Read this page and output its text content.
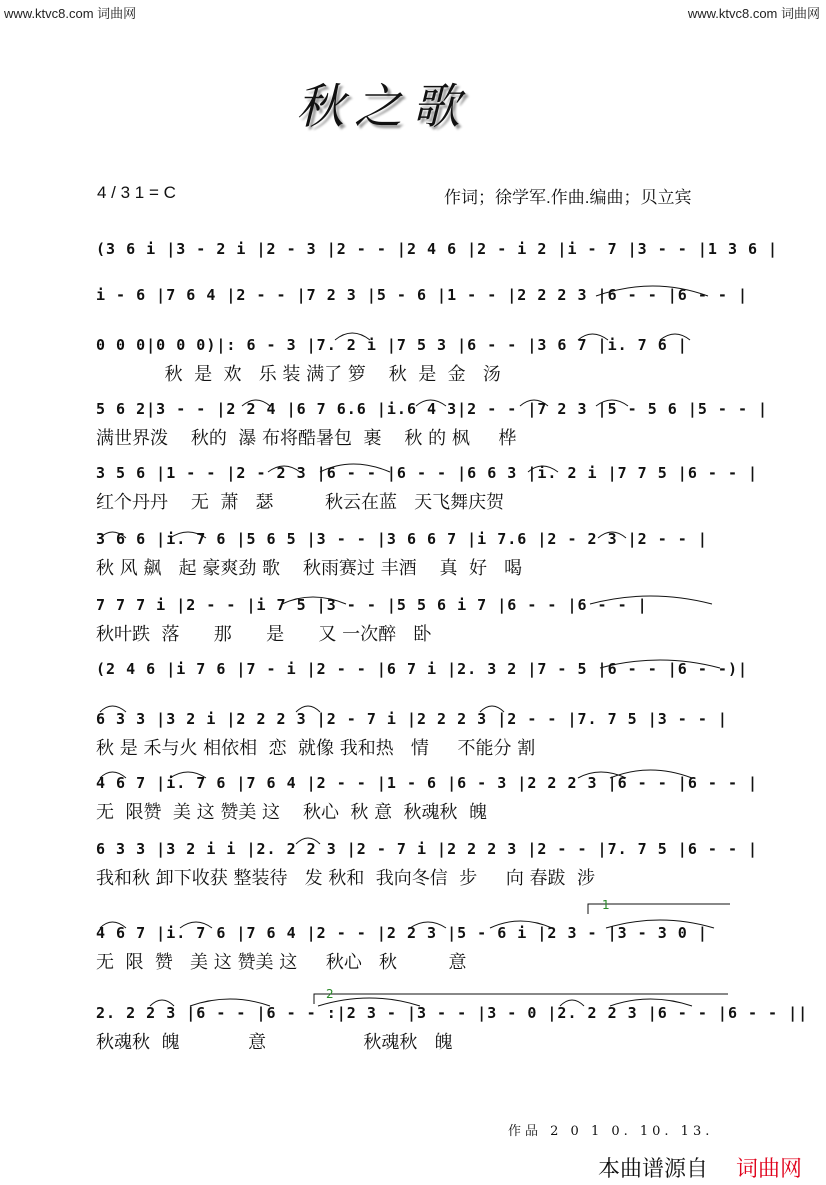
www.ktvc8.com 词曲网	www.ktvc8.com 词曲网
秋之歌
4 / 3 1 = C	作词；徐学军.作曲.编曲；贝立宾
(3 6 i |3 - 2 i |2 - 3 |2 - - |2 4 6 |2 - i 2 |i - 7 |3 - - |1 3 6 |
i - 6 |7 6 4 |2 - - |7 2 3 |5 - 6 |1 - - |2 2 2 3 |6 - - |6 - - |
0 0 0|0 0 0)|: 6 - 3 |7. 2 i |7 5 3 |6 - - |3 6 7 |i. 7 6 |
秋  是  欢   乐 装 满了 箩    秋  是  金   汤
5 6 2|3 - - |2 2 4 |6 7 6.6 |i.6 4 3|2 - - |7 2 3 |5 - 5 6 |5 - - |
满世界泼    秋的  瀑 布将酷暑包  裹    秋 的 枫     桦
3 5 6 |1 - - |2 - 2 3 |6 - - |6 - - |6 6 3 |i. 2 i |7 7 5 |6 - - |
红个丹丹    无  萧   瑟         秋云在蓝   天飞舞庆贺
3 6 6 |i. 7 6 |5 6 5 |3 - - |3 6 6 7 |i 7.6 |2 - 2 3 |2 - - |
秋 风 飙   起 豪爽劲 歌    秋雨赛过 丰酒    真  好   喝
7 7 7 i |2 - - |i 7 5 |3 - - |5 5 6 i 7 |6 - - |6 - - |
秋叶跌  落      那      是      又 一次醉   卧
(2 4 6 |i 7 6 |7 - i |2 - - |6 7 i |2. 3 2 |7 - 5 |6 - - |6 - -)|
6 3 3 |3 2 i |2 2 2 3 |2 - 7 i |2 2 2 3 |2 - - |7. 7 5 |3 - - |
秋 是 禾与火 相依相  恋  就像 我和热   情     不能分 割
4 6 7 |i. 7 6 |7 6 4 |2 - - |1 - 6 |6 - 3 |2 2 2 3 |6 - - |6 - - |
无  限赞  美 这 赞美 这    秋心  秋 意  秋魂秋  魄
6 3 3 |3 2 i i |2. 2 2 3 |2 - 7 i |2 2 2 3 |2 - - |7. 7 5 |6 - - |
我和秋 卸下收获 整装待   发 秋和  我向冬信  步     向 春跋  涉
4 6 7 |i. 7 6 |7 6 4 |2 - - |2 2 3 |5 - 6 i |2 3 - |3 - 3 0 |
无  限  赞   美 这 赞美 这     秋心   秋         意
2. 2 2 3 |6 - - |6 - - :|2 3 - |3 - - |3 - 0 |2. 2 2 3 |6 - - |6 - - ||
秋魂秋  魄            意                 秋魂秋   魄
1
2
作品 2 0 1 0. 10. 13.
本曲谱源自 词曲网
